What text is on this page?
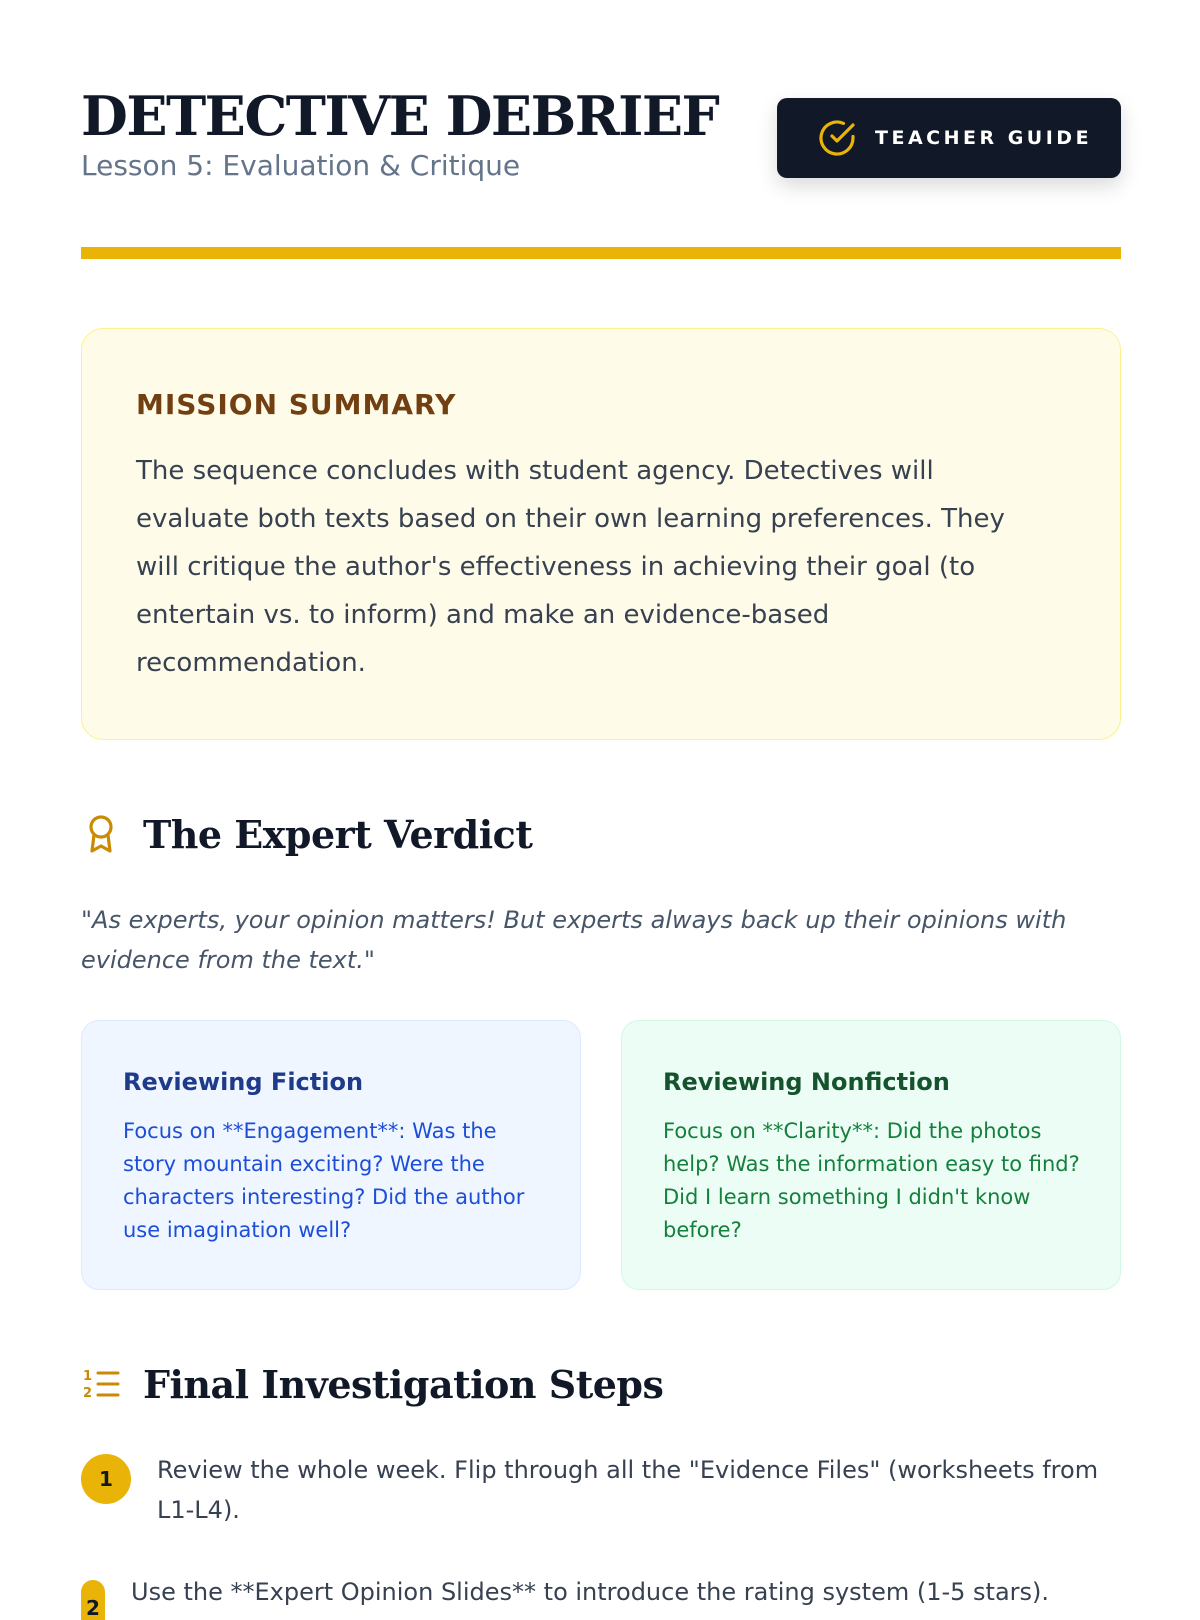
DETECTIVE DEBRIEF
Lesson 5: Evaluation & Critique
TEACHER GUIDE
MISSION SUMMARY

The sequence concludes with student agency. Detectives will evaluate both texts based on their own learning preferences. They will critique the author's effectiveness in achieving their goal (to entertain vs. to inform) and make an evidence-based recommendation.

The Expert Verdict

"As experts, your opinion matters! But experts always back up their opinions with evidence from the text."

Reviewing Fiction

Focus on **Engagement**: Was the story mountain exciting? Were the characters interesting? Did the author use imagination well?

Reviewing Nonfiction

Focus on **Clarity**: Did the photos help? Was the information easy to find? Did I learn something I didn't know before?

1
2 Final Investigation Steps
1	Review the whole week. Flip through all the "Evidence Files" (worksheets from L1-L4).
2
Use the **Expert Opinion Slides** to introduce the rating system (1-5 stars).
